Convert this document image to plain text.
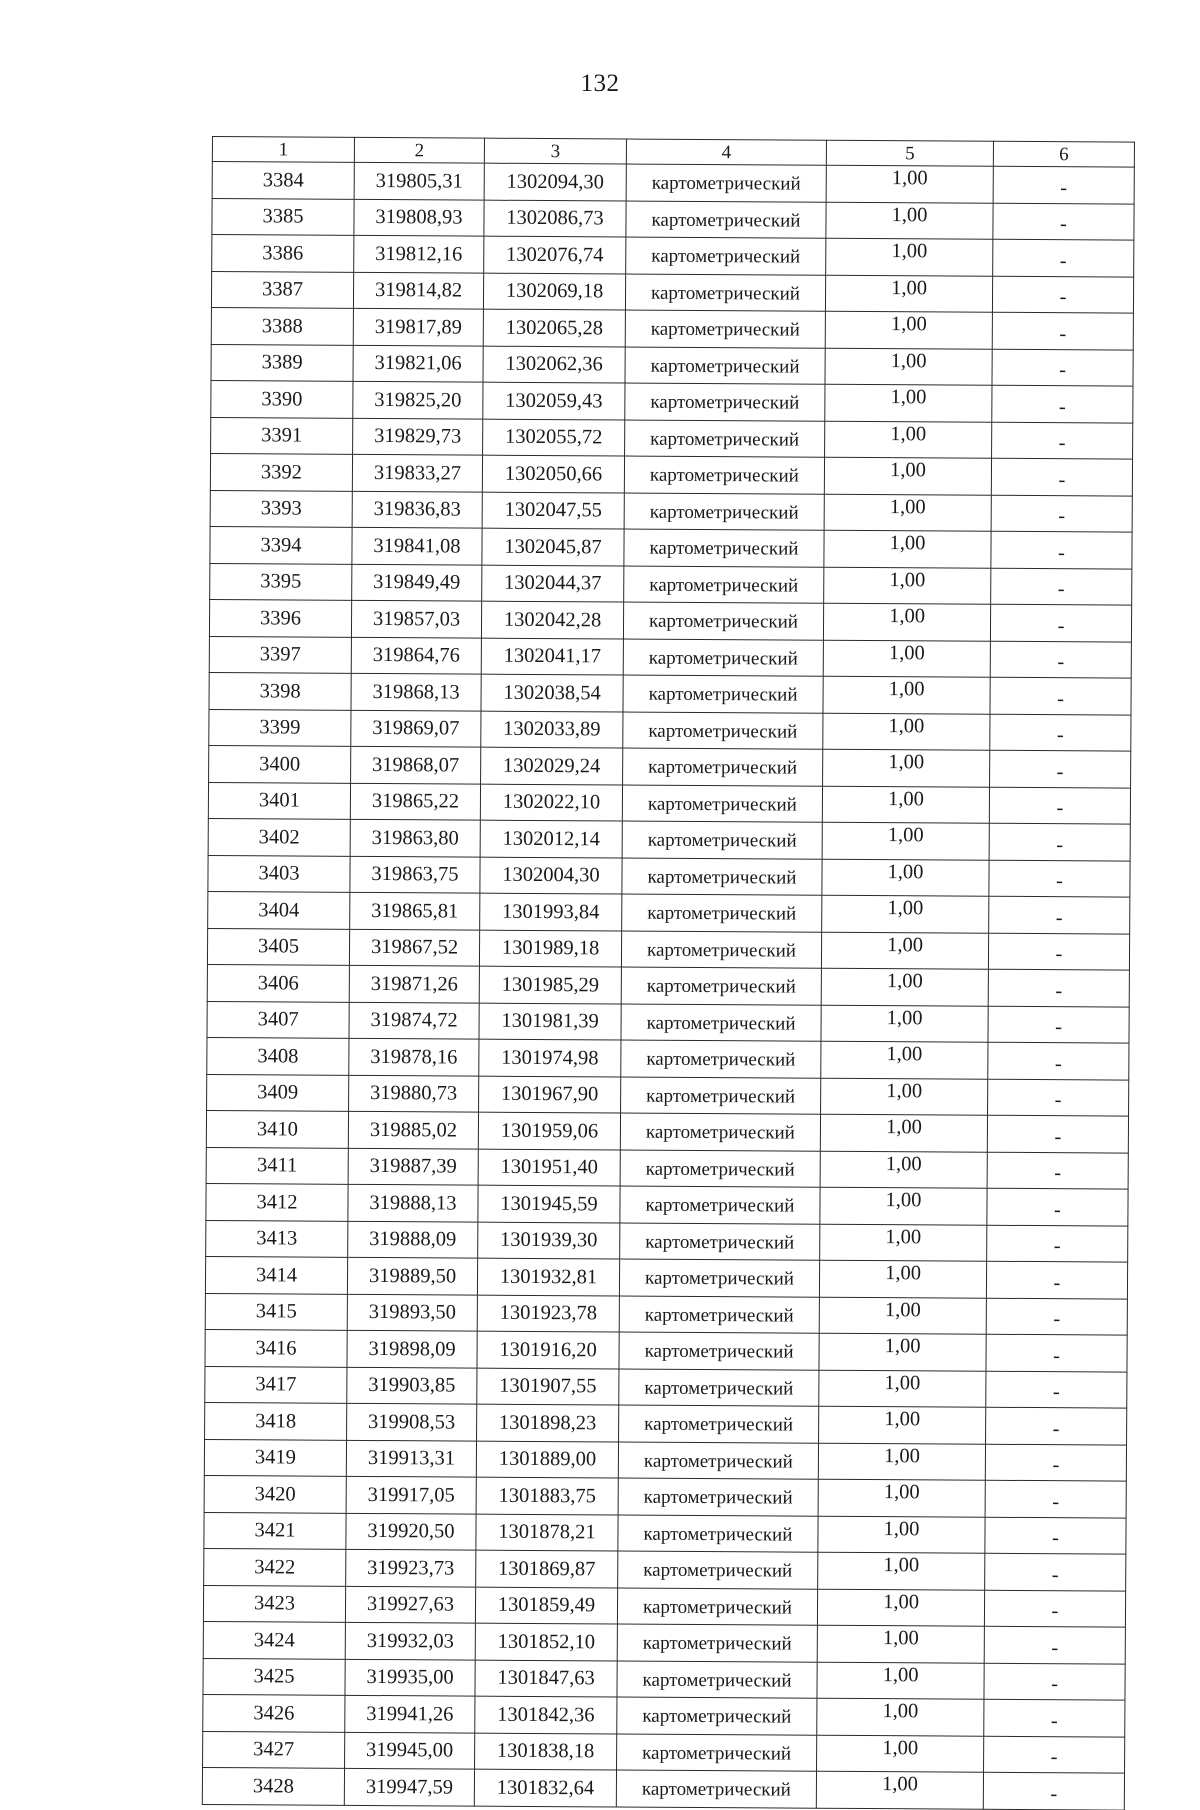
132
1	2	3	4	5	6
3384	319805,31	1302094,30	картометрический	1,00	-
3385	319808,93	1302086,73	картометрический	1,00	-
3386	319812,16	1302076,74	картометрический	1,00	-
3387	319814,82	1302069,18	картометрический	1,00	-
3388	319817,89	1302065,28	картометрический	1,00	-
3389	319821,06	1302062,36	картометрический	1,00	-
3390	319825,20	1302059,43	картометрический	1,00	-
3391	319829,73	1302055,72	картометрический	1,00	-
3392	319833,27	1302050,66	картометрический	1,00	-
3393	319836,83	1302047,55	картометрический	1,00	-
3394	319841,08	1302045,87	картометрический	1,00	-
3395	319849,49	1302044,37	картометрический	1,00	-
3396	319857,03	1302042,28	картометрический	1,00	-
3397	319864,76	1302041,17	картометрический	1,00	-
3398	319868,13	1302038,54	картометрический	1,00	-
3399	319869,07	1302033,89	картометрический	1,00	-
3400	319868,07	1302029,24	картометрический	1,00	-
3401	319865,22	1302022,10	картометрический	1,00	-
3402	319863,80	1302012,14	картометрический	1,00	-
3403	319863,75	1302004,30	картометрический	1,00	-
3404	319865,81	1301993,84	картометрический	1,00	-
3405	319867,52	1301989,18	картометрический	1,00	-
3406	319871,26	1301985,29	картометрический	1,00	-
3407	319874,72	1301981,39	картометрический	1,00	-
3408	319878,16	1301974,98	картометрический	1,00	-
3409	319880,73	1301967,90	картометрический	1,00	-
3410	319885,02	1301959,06	картометрический	1,00	-
3411	319887,39	1301951,40	картометрический	1,00	-
3412	319888,13	1301945,59	картометрический	1,00	-
3413	319888,09	1301939,30	картометрический	1,00	-
3414	319889,50	1301932,81	картометрический	1,00	-
3415	319893,50	1301923,78	картометрический	1,00	-
3416	319898,09	1301916,20	картометрический	1,00	-
3417	319903,85	1301907,55	картометрический	1,00	-
3418	319908,53	1301898,23	картометрический	1,00	-
3419	319913,31	1301889,00	картометрический	1,00	-
3420	319917,05	1301883,75	картометрический	1,00	-
3421	319920,50	1301878,21	картометрический	1,00	-
3422	319923,73	1301869,87	картометрический	1,00	-
3423	319927,63	1301859,49	картометрический	1,00	-
3424	319932,03	1301852,10	картометрический	1,00	-
3425	319935,00	1301847,63	картометрический	1,00	-
3426	319941,26	1301842,36	картометрический	1,00	-
3427	319945,00	1301838,18	картометрический	1,00	-
3428	319947,59	1301832,64	картометрический	1,00	-
